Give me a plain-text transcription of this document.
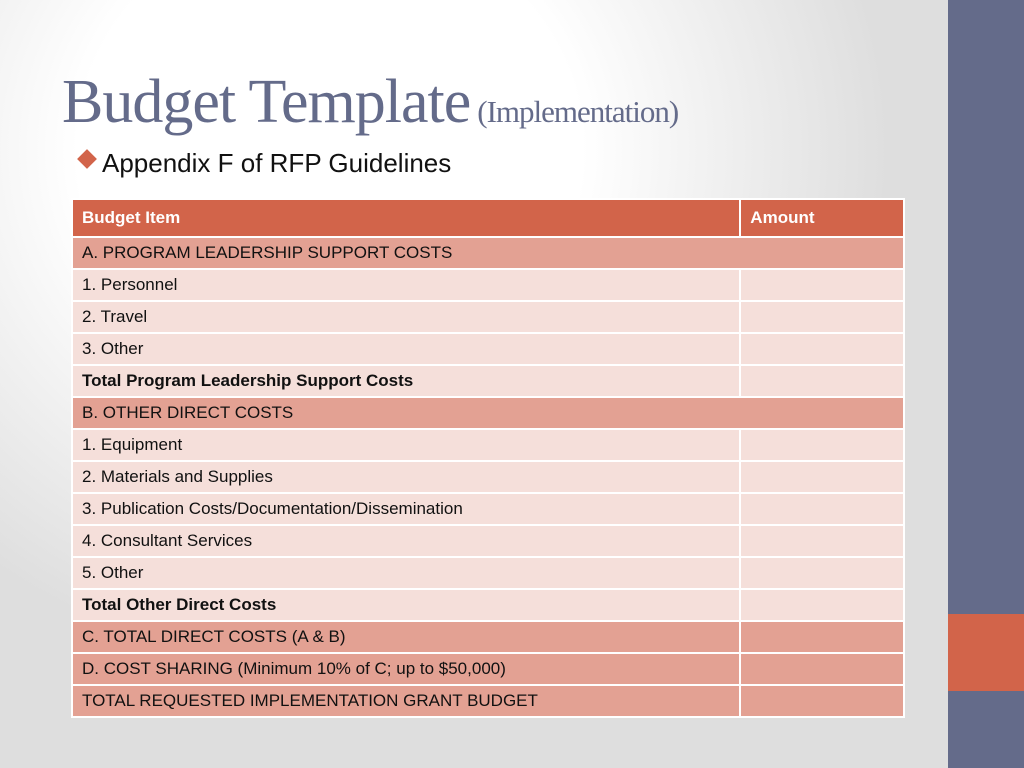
Budget Template (Implementation)
Appendix F of RFP Guidelines
Budget Item	Amount
A. PROGRAM LEADERSHIP SUPPORT COSTS	
1. Personnel	
2. Travel	
3. Other	
Total Program Leadership Support Costs	
B. OTHER DIRECT COSTS	
1. Equipment	
2. Materials and Supplies	
3. Publication Costs/Documentation/Dissemination	
4. Consultant Services	
5. Other	
Total Other Direct Costs	
C. TOTAL DIRECT COSTS (A & B)	
D. COST SHARING (Minimum 10% of C; up to $50,000)	
TOTAL REQUESTED IMPLEMENTATION GRANT BUDGET	
